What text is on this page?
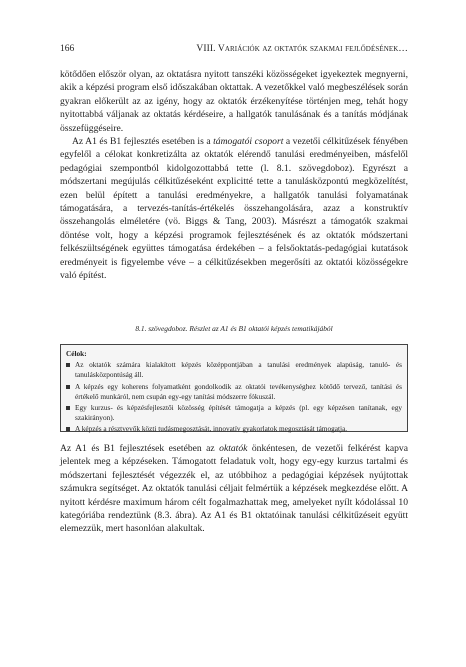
166	VIII. Variációk az oktatók szakmai fejlődésének…

kötődően először olyan, az oktatásra nyitott tanszéki közösségeket igyekeztek megnyerni, akik a képzési program első időszakában oktattak. A vezetőkkel való megbeszélések során gyakran előkerült az az igény, hogy az oktatók érzékenyítése történjen meg, tehát hogy nyitottabbá váljanak az oktatás kérdéseire, a hallgatók tanulásának és a tanítás módjának összefüggéseire.

Az A1 és B1 fejlesztés esetében is a támogatói csoport a vezetői célkitűzések fényében egyfelől a célokat konkretizálta az oktatók elérendő tanulási eredményeiben, másfelől pedagógiai szempontból kidolgozottabbá tette (l. 8.1. szövegdoboz). Egyrészt a módszertani megújulás célkitűzéseként explicitté tette a tanulásközpontú megközelítést, ezen belül épített a tanulási eredményekre, a hallgatók tanulási folyamatának támogatására, a tervezés-tanítás-értékelés összehangolására, azaz a konstruktív összehangolás elméletére (vö. Biggs & Tang, 2003). Másrészt a támogatók szakmai döntése volt, hogy a képzési programok fejlesztésének és az oktatók módszertani felkészültségének együttes támogatása érdekében – a felsőoktatás-pedagógiai kutatások eredményeit is figyelembe véve – a célkitűzésekben megerősíti az oktatói közösségekre való építést.

8.1. szövegdoboz. Részlet az A1 és B1 oktatói képzés tematikájából
Célok:
Az oktatók számára kialakított képzés középpontjában a tanulási eredmények alapúság, tanuló- és tanulásközpontúság áll.
A képzés egy koherens folyamatként gondolkodik az oktatói tevékenységhez kötődő tervező, tanítási és értékelő munkáról, nem csupán egy-egy tanítási módszerre fókuszál.
Egy kurzus- és képzésfejlesztői közösség építését támogatja a képzés (pl. egy képzésen tanítanak, egy szakirányon).
A képzés a résztvevők közti tudásmegosztását, innovatív gyakorlatok megosztását támogatja.

Az A1 és B1 fejlesztések esetében az oktatók önkéntesen, de vezetői felkérést kapva jelentek meg a képzéseken. Támogatott feladatuk volt, hogy egy-egy kurzus tartalmi és módszertani fejlesztését végezzék el, az utóbbihoz a pedagógiai képzések nyújtottak számukra segítséget. Az oktatók tanulási céljait felmértük a képzések megkezdése előtt. A nyitott kérdésre maximum három célt fogalmazhattak meg, amelyeket nyílt kódolással 10 kategóriába rendeztünk (8.3. ábra). Az A1 és B1 oktatóinak tanulási célkitűzéseit együtt elemezzük, mert hasonlóan alakultak.
